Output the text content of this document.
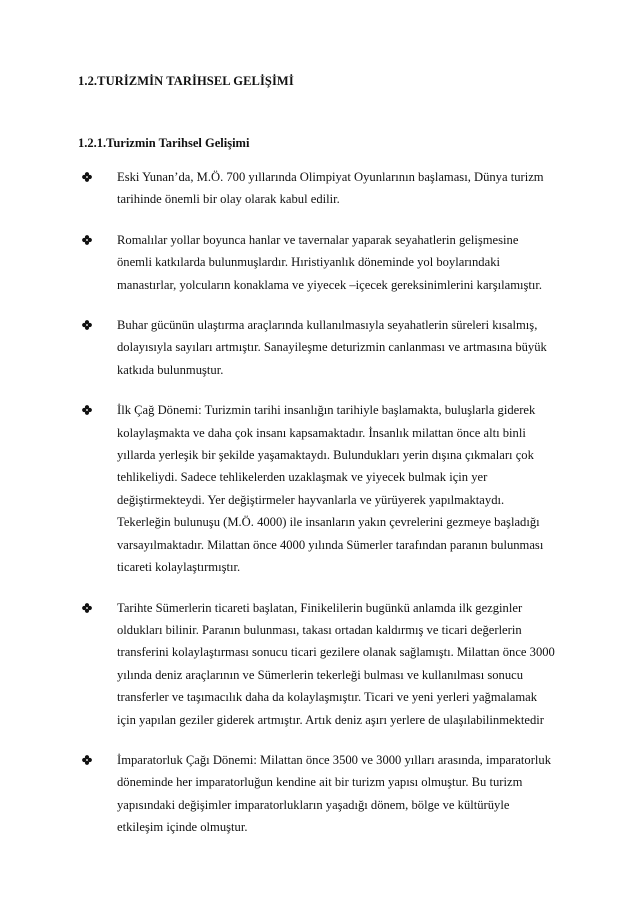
1.2.TURİZMİN TARİHSEL GELİŞİMİ
1.2.1.Turizmin Tarihsel Gelişimi
Eski Yunan’da, M.Ö. 700 yıllarında Olimpiyat Oyunlarının başlaması, Dünya turizm
tarihinde önemli bir olay olarak kabul edilir.
Romalılar yollar boyunca hanlar ve tavernalar yaparak seyahatlerin gelişmesine
önemli katkılarda bulunmuşlardır. Hıristiyanlık döneminde yol boylarındaki
manastırlar, yolcuların konaklama ve yiyecek –içecek gereksinimlerini karşılamıştır.
Buhar gücünün ulaştırma araçlarında kullanılmasıyla seyahatlerin süreleri kısalmış,
dolayısıyla sayıları artmıştır. Sanayileşme deturizmin canlanması ve artmasına büyük
katkıda bulunmuştur.
İlk Çağ Dönemi: Turizmin tarihi insanlığın tarihiyle başlamakta, buluşlarla giderek
kolaylaşmakta ve daha çok insanı kapsamaktadır. İnsanlık milattan önce altı binli
yıllarda yerleşik bir şekilde yaşamaktaydı. Bulundukları yerin dışına çıkmaları çok
tehlikeliydi. Sadece tehlikelerden uzaklaşmak ve yiyecek bulmak için yer
değiştirmekteydi. Yer değiştirmeler hayvanlarla ve yürüyerek yapılmaktaydı.
Tekerleğin bulunuşu (M.Ö. 4000) ile insanların yakın çevrelerini gezmeye başladığı
varsayılmaktadır. Milattan önce 4000 yılında Sümerler tarafından paranın bulunması
ticareti kolaylaştırmıştır.
Tarihte Sümerlerin ticareti başlatan, Finikelilerin bugünkü anlamda ilk gezginler
oldukları bilinir. Paranın bulunması, takası ortadan kaldırmış ve ticari değerlerin
transferini kolaylaştırması sonucu ticari gezilere olanak sağlamıştı. Milattan önce 3000
yılında deniz araçlarının ve Sümerlerin tekerleği bulması ve kullanılması sonucu
transferler ve taşımacılık daha da kolaylaşmıştır. Ticari ve yeni yerleri yağmalamak
için yapılan geziler giderek artmıştır. Artık deniz aşırı yerlere de ulaşılabilinmektedir
İmparatorluk Çağı Dönemi: Milattan önce 3500 ve 3000 yılları arasında, imparatorluk
döneminde her imparatorluğun kendine ait bir turizm yapısı olmuştur. Bu turizm
yapısındaki değişimler imparatorlukların yaşadığı dönem, bölge ve kültürüyle
etkileşim içinde olmuştur.
